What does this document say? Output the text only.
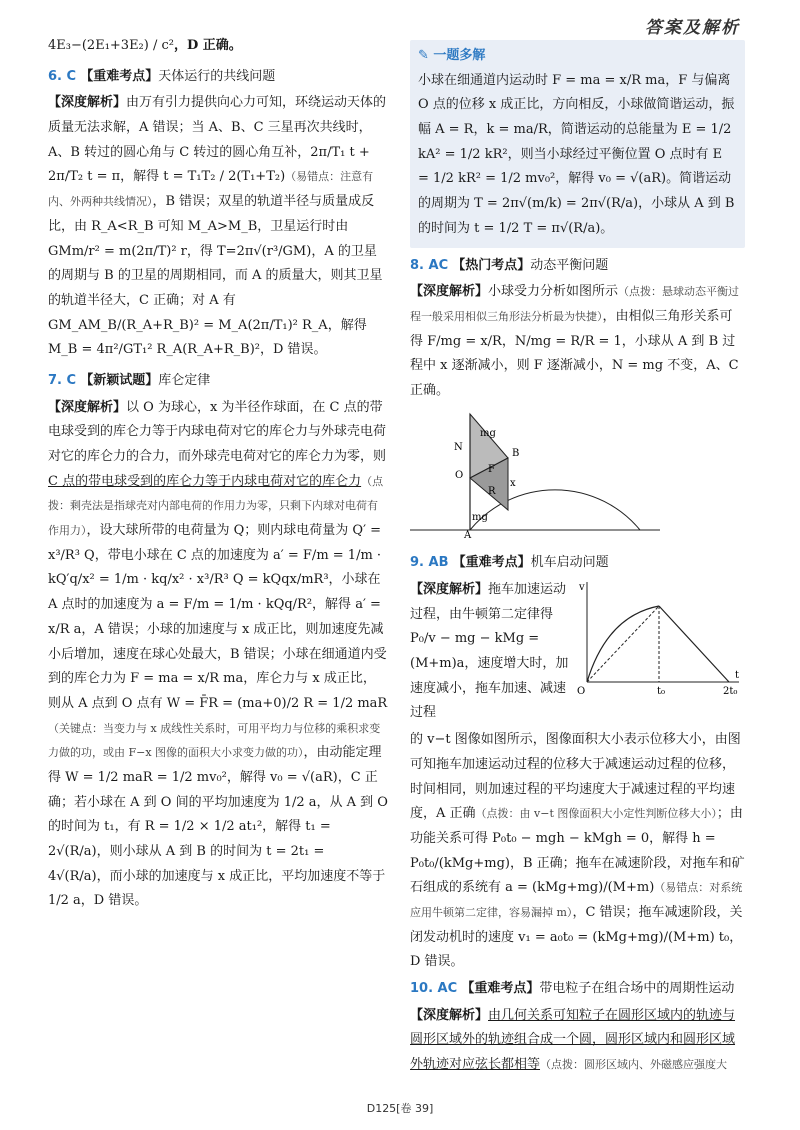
答案及解析

4E₃−(2E₁+3E₂) / c²，D 正确。

6. C 【重难考点】天体运行的共线问题

【深度解析】由万有引力提供向心力可知，环绕运动天体的质量无法求解，A 错误；当 A、B、C 三星再次共线时，A、B 转过的圆心角与 C 转过的圆心角互补，2π/T₁ t + 2π/T₂ t = π，解得 t = T₁T₂ / 2(T₁+T₂)（易错点：注意有内、外两种共线情况），B 错误；双星的轨道半径与质量成反比，由 R_A<R_B 可知 M_A>M_B，卫星运行时由 GMm/r² = m(2π/T)² r，得 T=2π√(r³/GM)，A 的卫星的周期与 B 的卫星的周期相同，而 A 的质量大，则其卫星的轨道半径大，C 正确；对 A 有 GM_AM_B/(R_A+R_B)² = M_A(2π/T₁)² R_A，解得 M_B = 4π²/GT₁² R_A(R_A+R_B)²，D 错误。

7. C 【新颖试题】库仑定律

【深度解析】以 O 为球心，x 为半径作球面，在 C 点的带电球受到的库仑力等于内球电荷对它的库仑力与外球壳电荷对它的库仑力的合力，而外球壳电荷对它的库仑力为零，则 C 点的带电球受到的库仑力等于内球电荷对它的库仑力（点拨：剩壳法是指球壳对内部电荷的作用力为零，只剩下内球对电荷有作用力），设大球所带的电荷量为 Q；则内球电荷量为 Q′ = x³/R³ Q，带电小球在 C 点的加速度为 a′ = F/m = 1/m · kQ′q/x² = 1/m · kq/x² · x³/R³ Q = kQqx/mR³，小球在 A 点时的加速度为 a = F/m = 1/m · kQq/R²，解得 a′ = x/R a，A 错误；小球的加速度与 x 成正比，则加速度先减小后增加，速度在球心处最大，B 错误；小球在细通道内受到的库仑力为 F = ma = x/R ma，库仑力与 x 成正比，则从 A 点到 O 点有 W = F̄R = (ma+0)/2 R = 1/2 maR（关键点：当变力与 x 成线性关系时，可用平均力与位移的乘积求变力做的功，或由 F−x 图像的面积大小求变力做的功），由动能定理得 W = 1/2 maR = 1/2 mv₀²，解得 v₀ = √(aR)，C 正确；若小球在 A 到 O 间的平均加速度为 1/2 a，从 A 到 O 的时间为 t₁，有 R = 1/2 × 1/2 at₁²，解得 t₁ = 2√(R/a)，则小球从 A 到 B 的时间为 t = 2t₁ = 4√(R/a)，而小球的加速度与 x 成正比，平均加速度不等于 1/2 a，D 错误。

✎ 一题多解
小球在细通道内运动时 F = ma = x/R ma，F 与偏离 O 点的位移 x 成正比，方向相反，小球做简谐运动，振幅 A = R，k = ma/R，简谐运动的总能量为 E = 1/2 kA² = 1/2 kR²，则当小球经过平衡位置 O 点时有 E = 1/2 kR² = 1/2 mv₀²，解得 v₀ = √(aR)。简谐运动的周期为 T = 2π√(m/k) = 2π√(R/a)，小球从 A 到 B 的时间为 t = 1/2 T = π√(R/a)。

8. AC 【热门考点】动态平衡问题

【深度解析】小球受力分析如图所示（点拨：悬球动态平衡过程一般采用相似三角形法分析最为快捷），由相似三角形关系可得 F/mg = x/R，N/mg = R/R = 1，小球从 A 到 B 过程中 x 逐渐减小，则 F 逐渐减小，N = mg 不变，A、C 正确。

N
mg
B
F
x
R
mg
A
O

9. AB 【重难考点】机车启动问题

v
t
O	t₀	2t₀

【深度解析】拖车加速运动过程，由牛顿第二定律得 P₀/v − mg − kMg = (M+m)a，速度增大时，加速度减小，拖车加速、减速过程

的 v−t 图像如图所示，图像面积大小表示位移大小，由图可知拖车加速运动过程的位移大于减速运动过程的位移，时间相同，则加速过程的平均速度大于减速过程的平均速度，A 正确（点拨：由 v−t 图像面积大小定性判断位移大小）；由功能关系可得 P₀t₀ − mgh − kMgh = 0，解得 h = P₀t₀/(kMg+mg)，B 正确；拖车在减速阶段，对拖车和矿石组成的系统有 a = (kMg+mg)/(M+m)（易错点：对系统应用牛顿第二定律，容易漏掉 m），C 错误；拖车减速阶段，关闭发动机时的速度 v₁ = a₀t₀ = (kMg+mg)/(M+m) t₀，D 错误。

10. AC 【重难考点】带电粒子在组合场中的周期性运动

【深度解析】由几何关系可知粒子在圆形区域内的轨迹与圆形区域外的轨迹组合成一个圆，圆形区域内和圆形区域外轨迹对应弦长都相等（点拨：圆形区域内、外磁感应强度大

D125[卷 39]
